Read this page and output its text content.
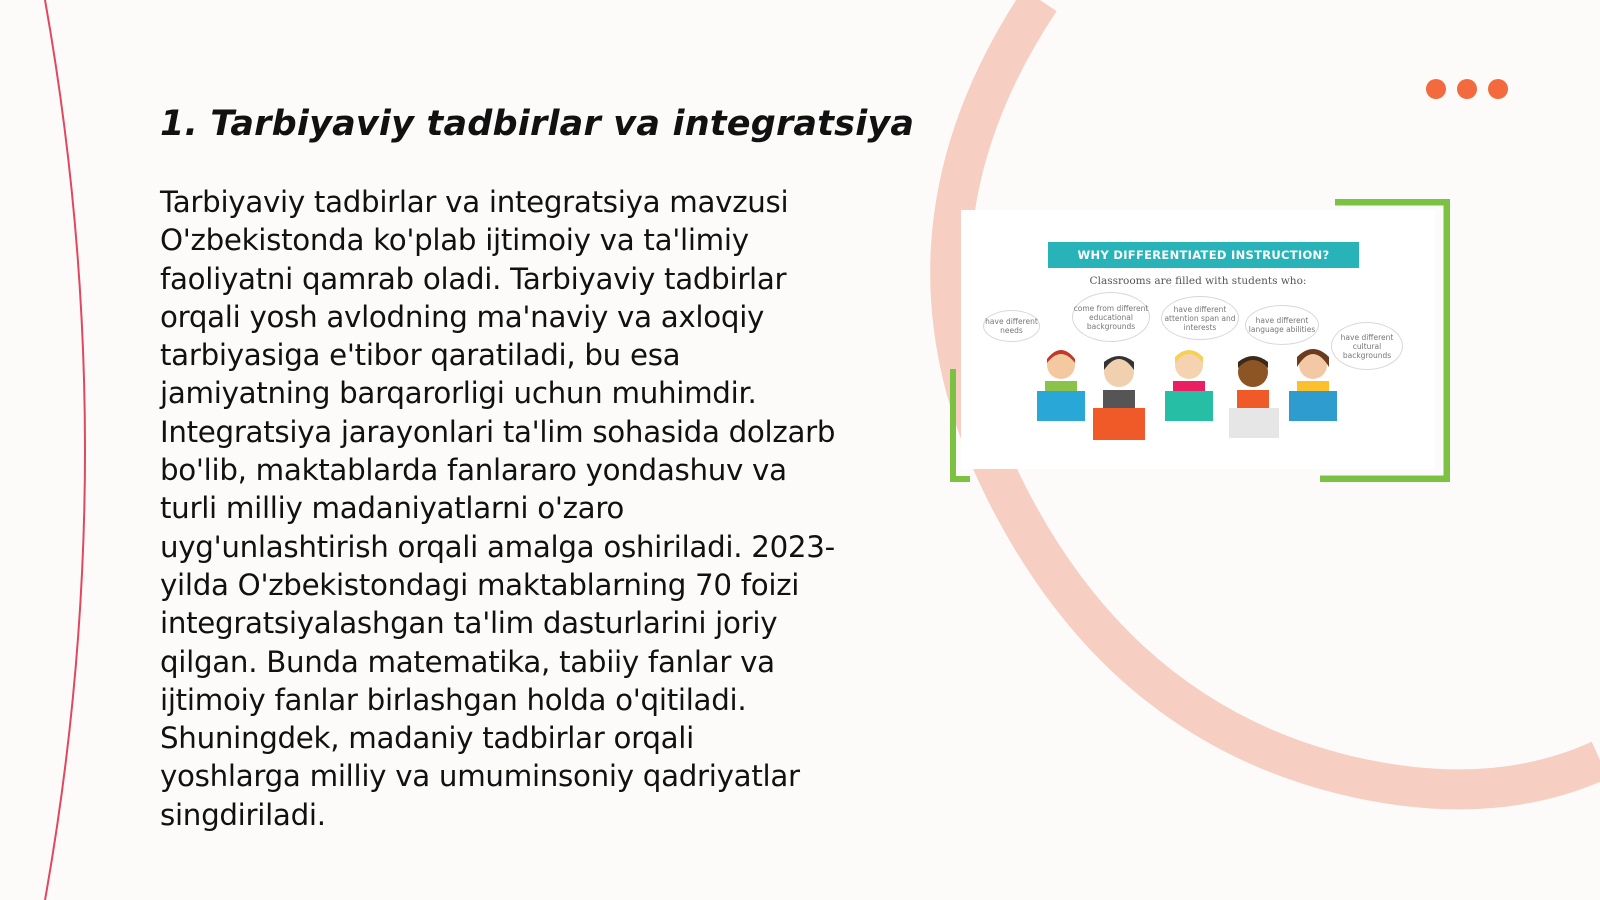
1. Tarbiyaviy tadbirlar va integratsiya

Tarbiyaviy tadbirlar va integratsiya mavzusi O'zbekistonda ko'plab ijtimoiy va ta'limiy faoliyatni qamrab oladi. Tarbiyaviy tadbirlar orqali yosh avlodning ma'naviy va axloqiy tarbiyasiga e'tibor qaratiladi, bu esa jamiyatning barqarorligi uchun muhimdir. Integratsiya jarayonlari ta'lim sohasida dolzarb bo'lib, maktablarda fanlararo yondashuv va turli milliy madaniyatlarni o'zaro uyg'unlashtirish orqali amalga oshiriladi. 2023-yilda O'zbekistondagi maktablarning 70 foizi integratsiyalashgan ta'lim dasturlarini joriy qilgan. Bunda matematika, tabiiy fanlar va ijtimoiy fanlar birlashgan holda o'qitiladi. Shuningdek, madaniy tadbirlar orqali yoshlarga milliy va umuminsoniy qadriyatlar singdiriladi.

WHY DIFFERENTIATED INSTRUCTION?
Classrooms are filled with students who:
have different needs
come from different educational backgrounds
have different attention span and interests
have different language abilities
have different cultural backgrounds
